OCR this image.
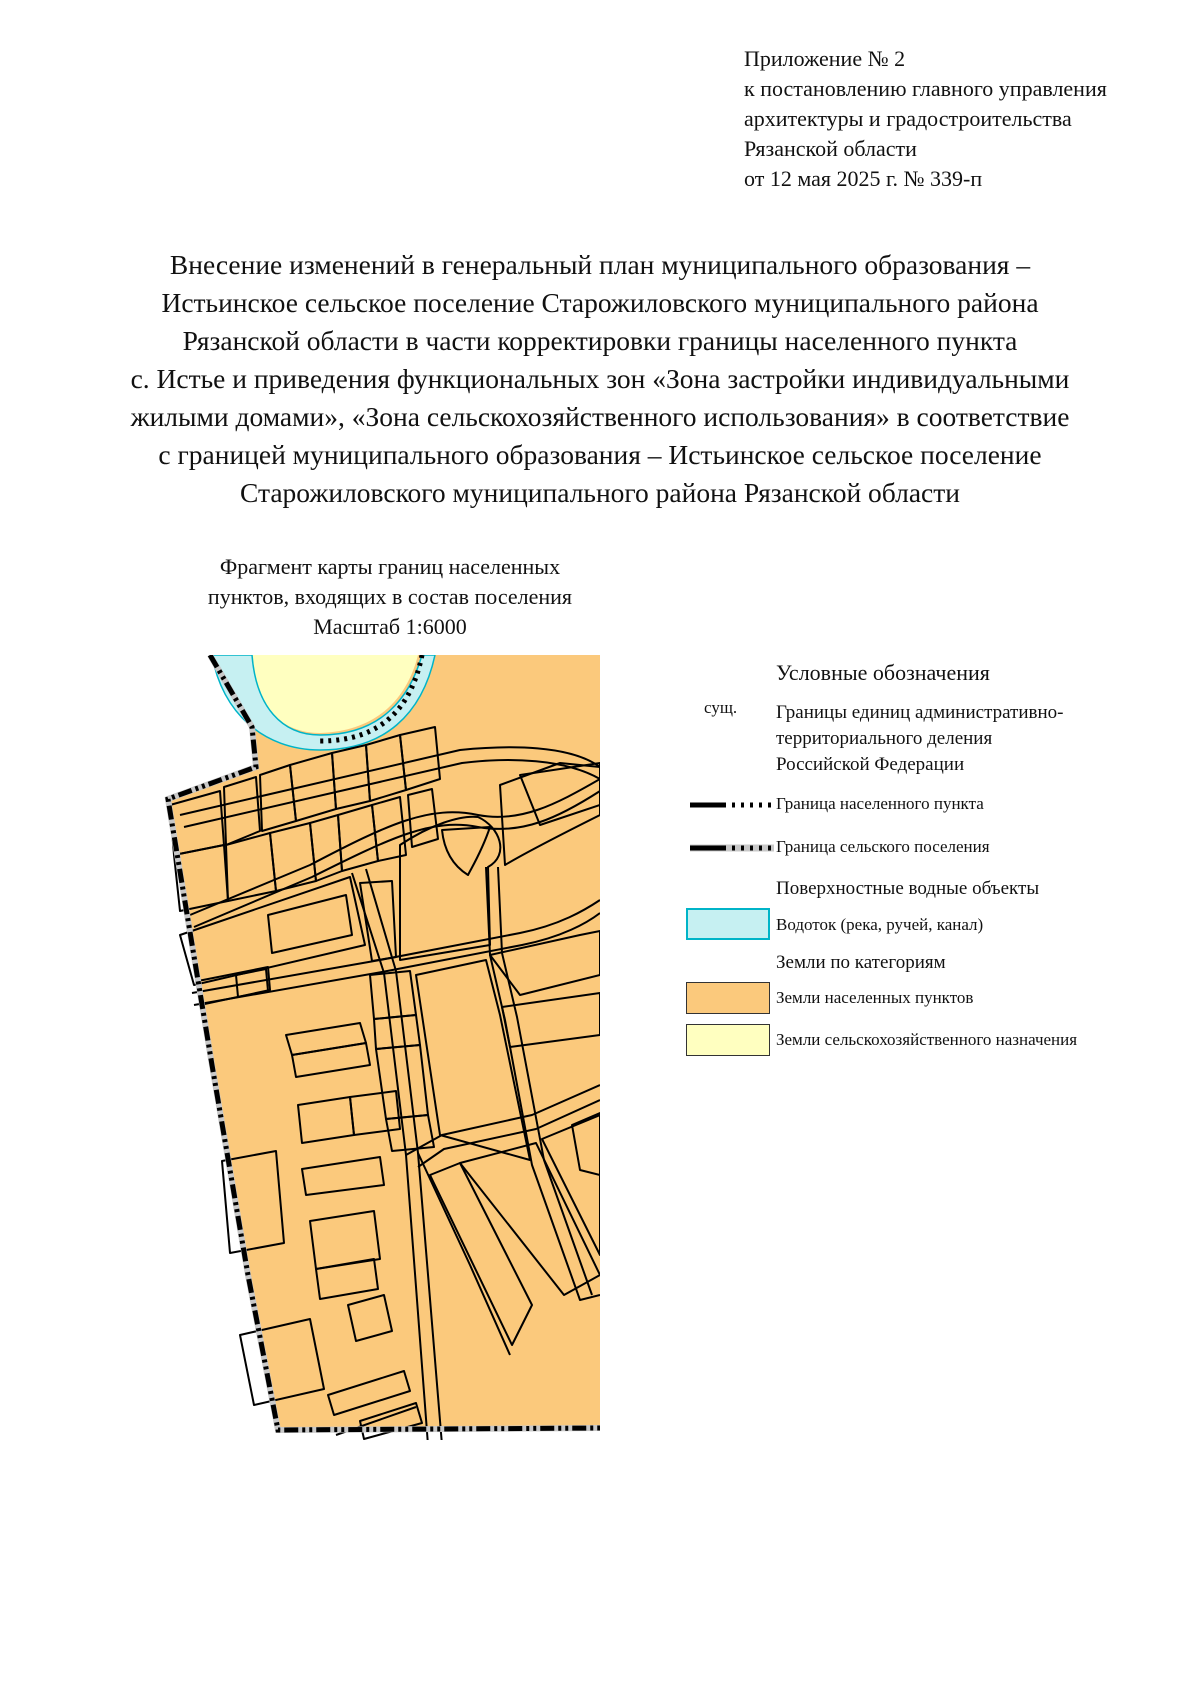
Приложение № 2
к постановлению главного управления
архитектуры и градостроительства
Рязанской области
от 12 мая 2025 г. № 339-п
Внесение изменений в генеральный план муниципального образования –
Истьинское сельское поселение Старожиловского муниципального района
Рязанской области в части корректировки границы населенного пункта
с. Истье и приведения функциональных зон «Зона застройки индивидуальными
жилыми домами», «Зона сельскохозяйственного использования» в соответствие
с границей муниципального образования – Истьинское сельское поселение
Старожиловского муниципального района Рязанской области
Фрагмент карты границ населенных
пунктов, входящих в состав поселения
Масштаб 1:6000
Условные обозначения
сущ. Границы единиц административно-
территориального деления
Российской Федерации
Граница населенного пункта
Граница сельского поселения
Поверхностные водные объекты
Водоток (река, ручей, канал)
Земли по категориям
Земли населенных пунктов
Земли сельскохозяйственного назначения
